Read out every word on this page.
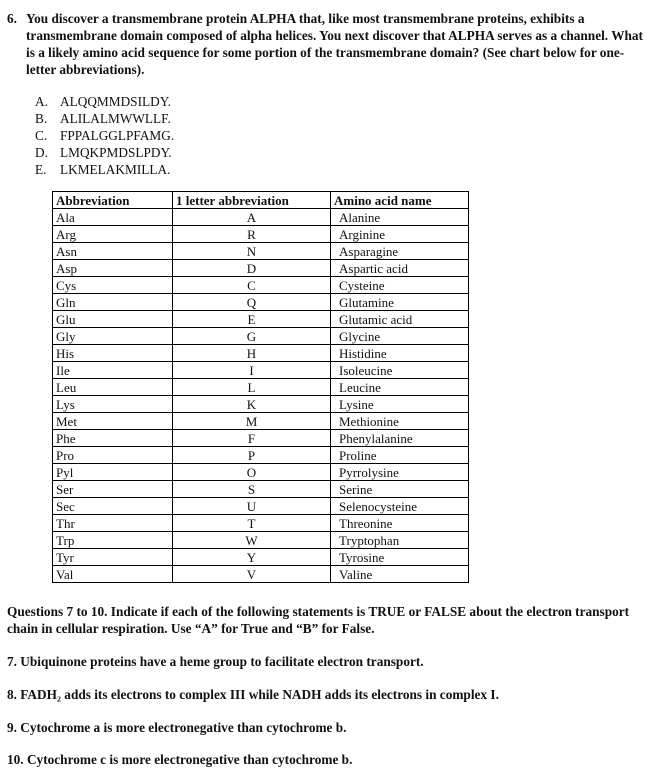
6. You discover a transmembrane protein ALPHA that, like most transmembrane proteins, exhibits a transmembrane domain composed of alpha helices. You next discover that ALPHA serves as a channel. What is a likely amino acid sequence for some portion of the transmembrane domain? (See chart below for one-letter abbreviations).
A. ALQQMMDSILDY.
B. ALILALMWWLLF.
C. FPPALGGLPFAMG.
D. LMQKPMDSLPDY.
E. LKMELAKMILLA.
Abbreviation	1 letter abbreviation	Amino acid name
Ala	A	Alanine
Arg	R	Arginine
Asn	N	Asparagine
Asp	D	Aspartic acid
Cys	C	Cysteine
Gln	Q	Glutamine
Glu	E	Glutamic acid
Gly	G	Glycine
His	H	Histidine
Ile	I	Isoleucine
Leu	L	Leucine
Lys	K	Lysine
Met	M	Methionine
Phe	F	Phenylalanine
Pro	P	Proline
Pyl	O	Pyrrolysine
Ser	S	Serine
Sec	U	Selenocysteine
Thr	T	Threonine
Trp	W	Tryptophan
Tyr	Y	Tyrosine
Val	V	Valine
Questions 7 to 10. Indicate if each of the following statements is TRUE or FALSE about the electron transport chain in cellular respiration. Use “A” for True and “B” for False.
7. Ubiquinone proteins have a heme group to facilitate electron transport.
8. FADH₂ adds its electrons to complex III while NADH adds its electrons in complex I.
9. Cytochrome a is more electronegative than cytochrome b.
10. Cytochrome c is more electronegative than cytochrome b.
